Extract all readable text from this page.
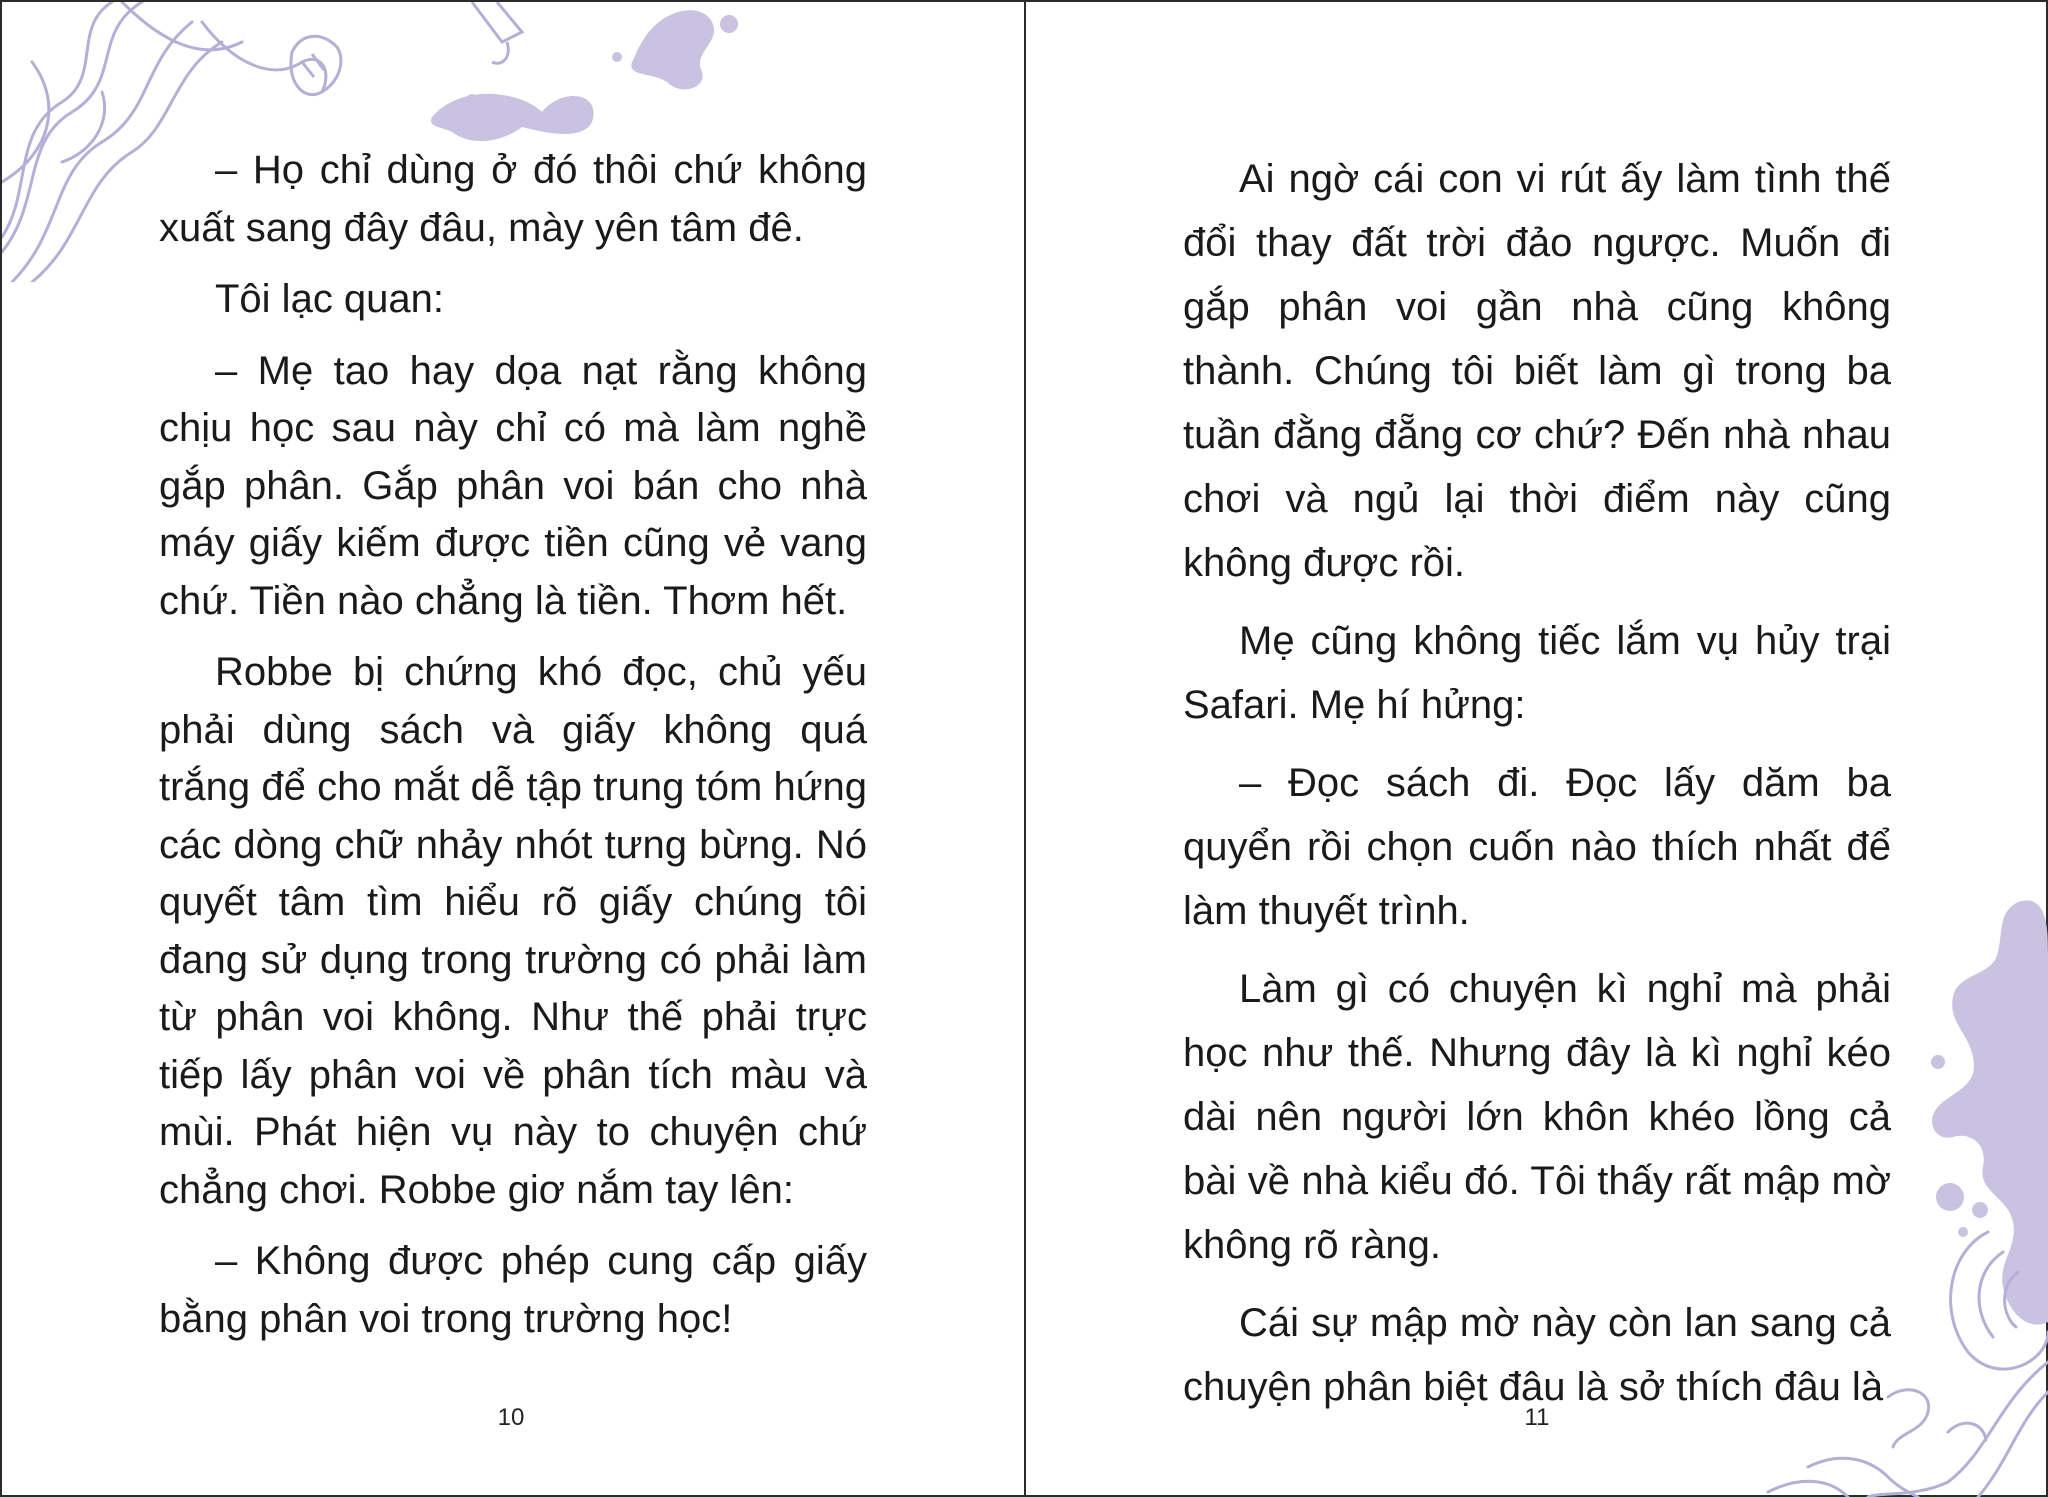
– Họ chỉ dùng ở đó thôi chứ không xuất sang đây đâu, mày yên tâm đê.

Tôi lạc quan:

– Mẹ tao hay dọa nạt rằng không chịu học sau này chỉ có mà làm nghề gắp phân. Gắp phân voi bán cho nhà máy giấy kiếm được tiền cũng vẻ vang chứ. Tiền nào chẳng là tiền. Thơm hết.

Robbe bị chứng khó đọc, chủ yếu phải dùng sách và giấy không quá trắng để cho mắt dễ tập trung tóm hứng các dòng chữ nhảy nhót tưng bừng. Nó quyết tâm tìm hiểu rõ giấy chúng tôi đang sử dụng trong trường có phải làm từ phân voi không. Như thế phải trực tiếp lấy phân voi về phân tích màu và mùi. Phát hiện vụ này to chuyện chứ chẳng chơi. Robbe giơ nắm tay lên:

– Không được phép cung cấp giấy bằng phân voi trong trường học!

10

Ai ngờ cái con vi rút ấy làm tình thế đổi thay đất trời đảo ngược. Muốn đi gắp phân voi gần nhà cũng không thành. Chúng tôi biết làm gì trong ba tuần đằng đẵng cơ chứ? Đến nhà nhau chơi và ngủ lại thời điểm này cũng không được rồi.

Mẹ cũng không tiếc lắm vụ hủy trại Safari. Mẹ hí hửng:

– Đọc sách đi. Đọc lấy dăm ba quyển rồi chọn cuốn nào thích nhất để làm thuyết trình.

Làm gì có chuyện kì nghỉ mà phải học như thế. Nhưng đây là kì nghỉ kéo dài nên người lớn khôn khéo lồng cả bài về nhà kiểu đó. Tôi thấy rất mập mờ không rõ ràng.

Cái sự mập mờ này còn lan sang cả chuyện phân biệt đâu là sở thích đâu là

11
